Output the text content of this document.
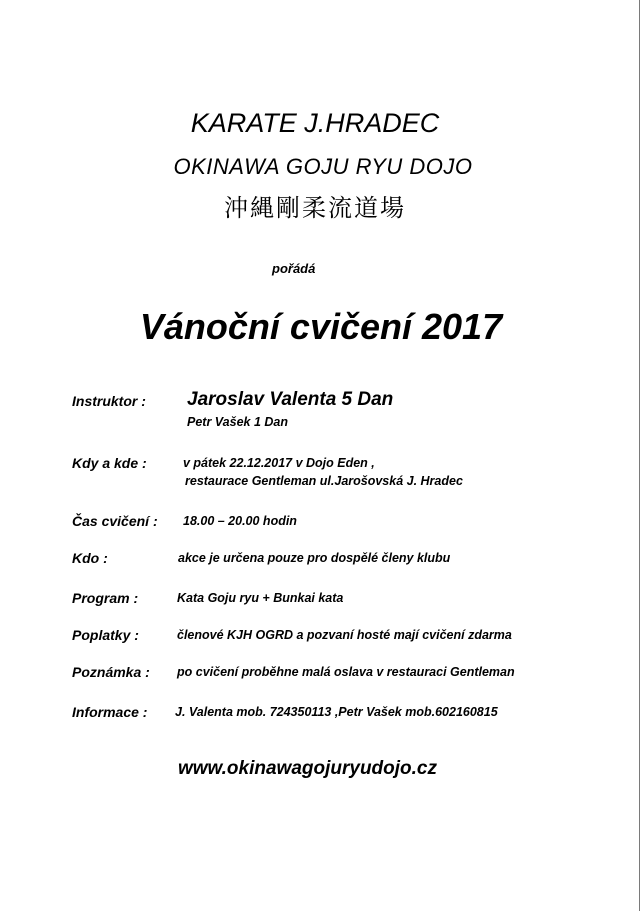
KARATE J.HRADEC
OKINAWA GOJU RYU DOJO
沖縄剛柔流道場
pořádá
Vánoční cvičení 2017
Instruktor : Jaroslav Valenta 5 Dan
Petr Vašek 1 Dan
Kdy a kde :	v pátek 22.12.2017 v Dojo Eden ,
restaurace Gentleman ul.Jarošovská J. Hradec
Čas cvičení : 18.00 – 20.00 hodin
Kdo :	akce je určena pouze pro dospělé členy klubu
Program :	Kata Goju ryu + Bunkai kata
Poplatky :	členové KJH OGRD a pozvaní hosté mají cvičení zdarma
Poznámka : po cvičení proběhne malá oslava v restauraci Gentleman
Informace : J. Valenta mob. 724350113 ,Petr Vašek mob.602160815
www.okinawagojuryudojo.cz
